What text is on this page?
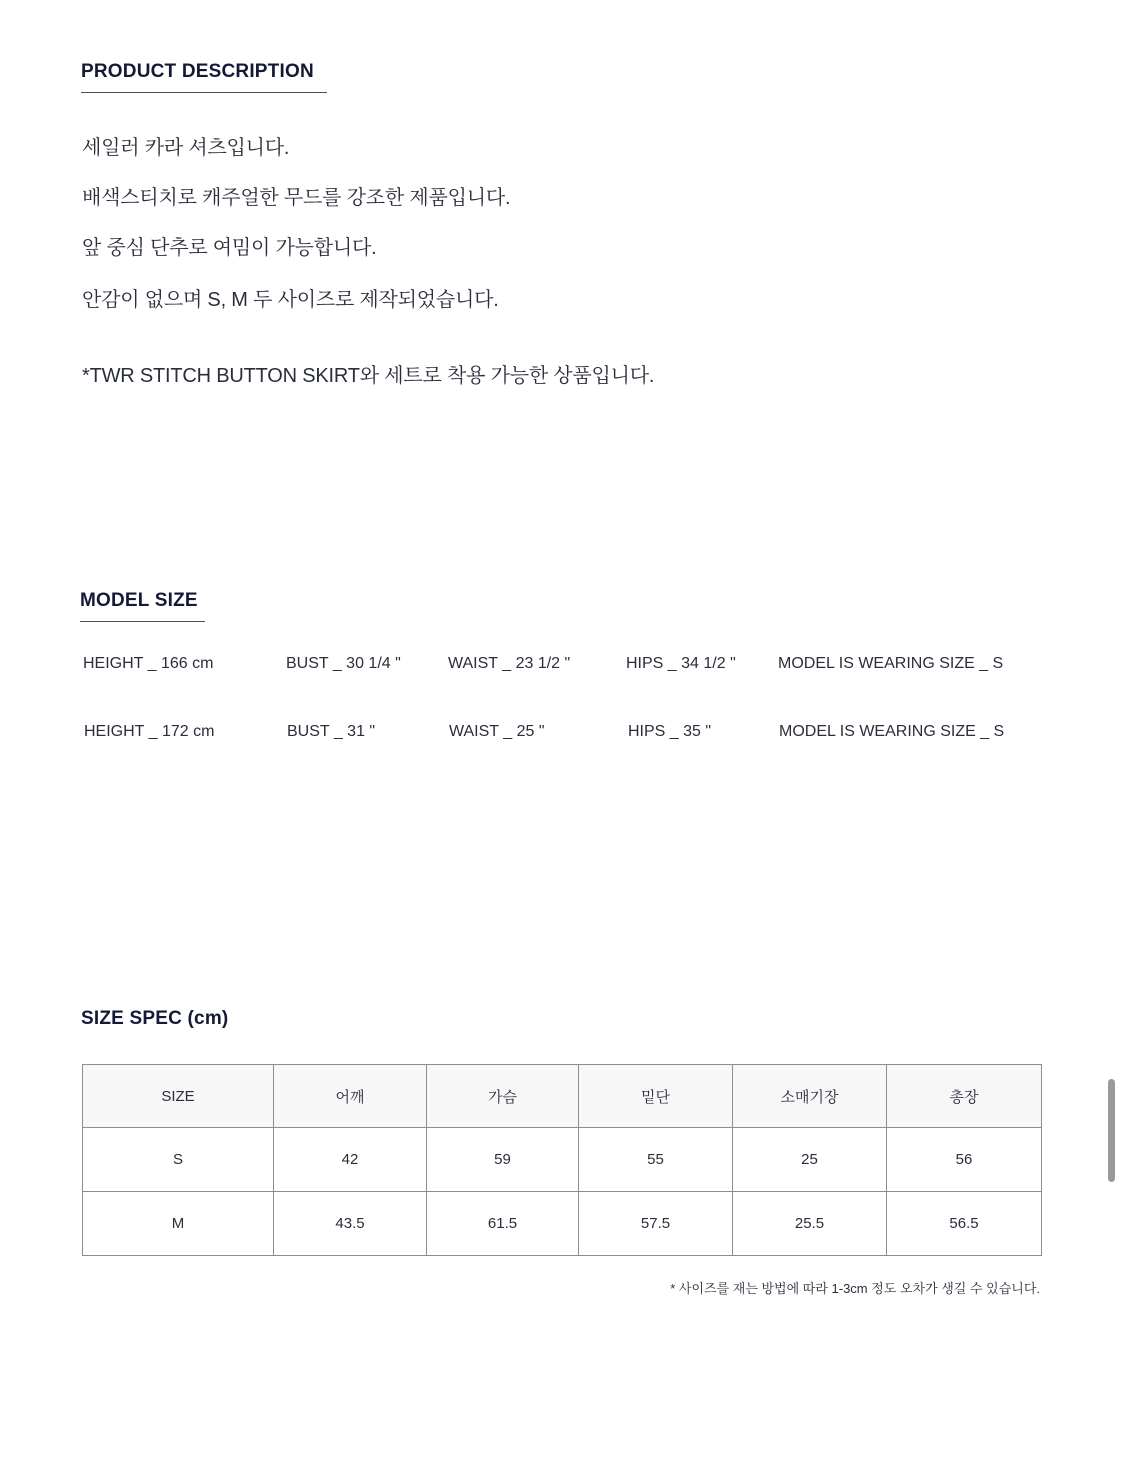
PRODUCT DESCRIPTION
세일러 카라 셔츠입니다.
배색스티치로 캐주얼한 무드를 강조한 제품입니다.
앞 중심 단추로 여밈이 가능합니다.
안감이 없으며 S, M 두 사이즈로 제작되었습니다.
*TWR STITCH BUTTON SKIRT와 세트로 착용 가능한 상품입니다.
MODEL SIZE
HEIGHT _ 166 cm	BUST _ 30 1/4 "	WAIST _ 23 1/2 "	HIPS _ 34 1/2 "	MODEL IS WEARING SIZE _ S
HEIGHT _ 172 cm	BUST _ 31 "	WAIST _ 25 "	HIPS _ 35 "	MODEL IS WEARING SIZE _ S
SIZE SPEC (cm)
SIZE	어깨	가슴	밑단	소매기장	총장
S	42	59	55	25	56
M	43.5	61.5	57.5	25.5	56.5
* 사이즈를 재는 방법에 따라 1-3cm 정도 오차가 생길 수 있습니다.
